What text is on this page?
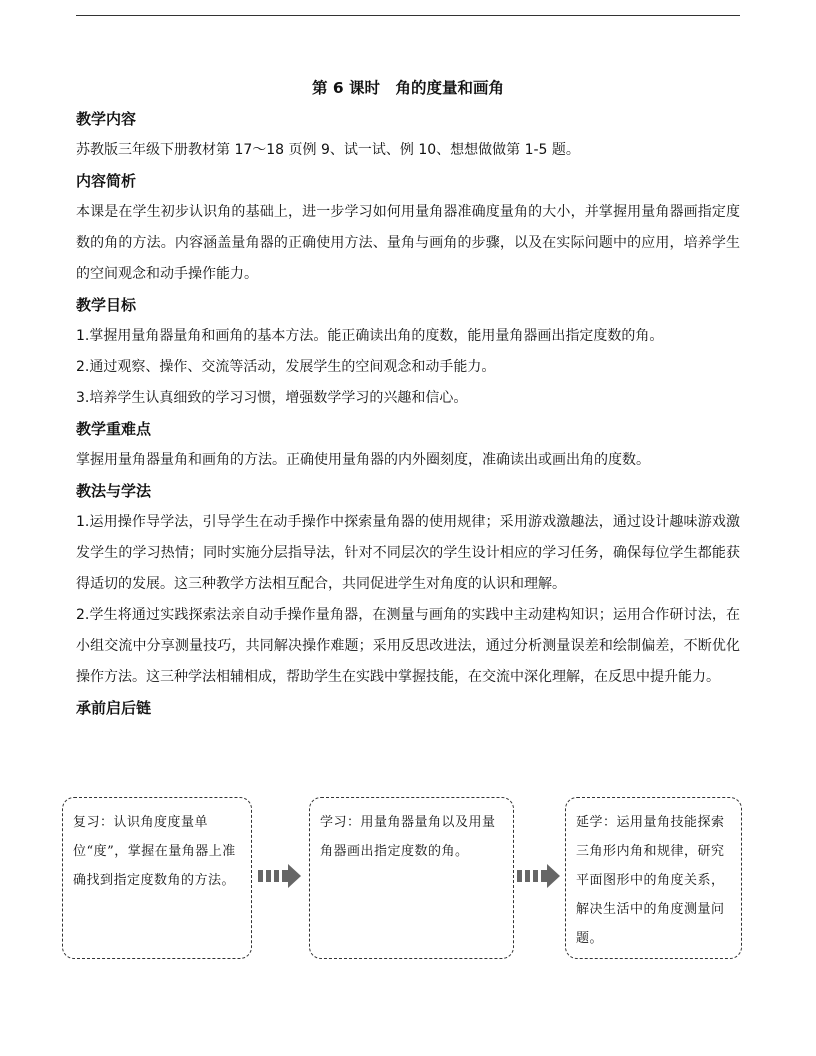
第 6 课时　角的度量和画角
教学内容

苏教版三年级下册教材第 17～18 页例 9、试一试、例 10、想想做做第 1-5 题。

内容简析

本课是在学生初步认识角的基础上，进一步学习如何用量角器准确度量角的大小，并掌握用量角器画指定度数的角的方法。内容涵盖量角器的正确使用方法、量角与画角的步骤，以及在实际问题中的应用，培养学生的空间观念和动手操作能力。

教学目标

1.掌握用量角器量角和画角的基本方法。能正确读出角的度数，能用量角器画出指定度数的角。

2.通过观察、操作、交流等活动，发展学生的空间观念和动手能力。

3.培养学生认真细致的学习习惯，增强数学学习的兴趣和信心。

教学重难点

掌握用量角器量角和画角的方法。正确使用量角器的内外圈刻度，准确读出或画出角的度数。

教法与学法

1.运用操作导学法，引导学生在动手操作中探索量角器的使用规律；采用游戏激趣法，通过设计趣味游戏激发学生的学习热情；同时实施分层指导法，针对不同层次的学生设计相应的学习任务，确保每位学生都能获得适切的发展。这三种教学方法相互配合，共同促进学生对角度的认识和理解。

2.学生将通过实践探索法亲自动手操作量角器，在测量与画角的实践中主动建构知识；运用合作研讨法，在小组交流中分享测量技巧，共同解决操作难题；采用反思改进法，通过分析测量误差和绘制偏差，不断优化操作方法。这三种学法相辅相成，帮助学生在实践中掌握技能，在交流中深化理解，在反思中提升能力。

承前启后链
复习：认识角度度量单位“度”，掌握在量角器上准确找到指定度数角的方法。
学习：用量角器量角以及用量角器画出指定度数的角。
延学：运用量角技能探索三角形内角和规律，研究平面图形中的角度关系，解决生活中的角度测量问题。
